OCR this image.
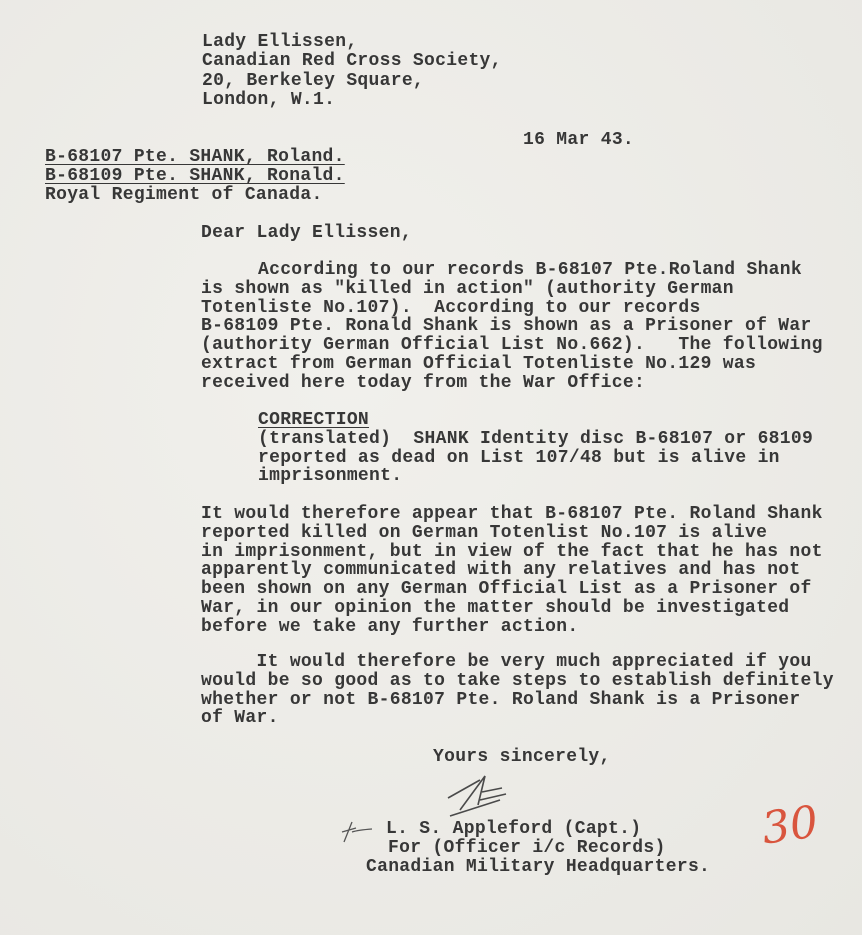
Lady Ellissen,
Canadian Red Cross Society,
20, Berkeley Square,
London, W.1.
16 Mar 43.
B-68107 Pte. SHANK, Roland.
B-68109 Pte. SHANK, Ronald.
Royal Regiment of Canada.
Dear Lady Ellissen,
According to our records B-68107 Pte.Roland Shank
is shown as "killed in action" (authority German
Totenliste No.107).  According to our records
B-68109 Pte. Ronald Shank is shown as a Prisoner of War
(authority German Official List No.662).   The following
extract from German Official Totenliste No.129 was
received here today from the War Office:
CORRECTION
(translated)  SHANK Identity disc B-68107 or 68109
reported as dead on List 107/48 but is alive in
imprisonment.
It would therefore appear that B-68107 Pte. Roland Shank
reported killed on German Totenlist No.107 is alive
in imprisonment, but in view of the fact that he has not
apparently communicated with any relatives and has not
been shown on any German Official List as a Prisoner of
War, in our opinion the matter should be investigated
before we take any further action.
It would therefore be very much appreciated if you
would be so good as to take steps to establish definitely
whether or not B-68107 Pte. Roland Shank is a Prisoner
of War.
Yours sincerely,
L. S. Appleford (Capt.)
For (Officer i/c Records)
Canadian Military Headquarters.
30
